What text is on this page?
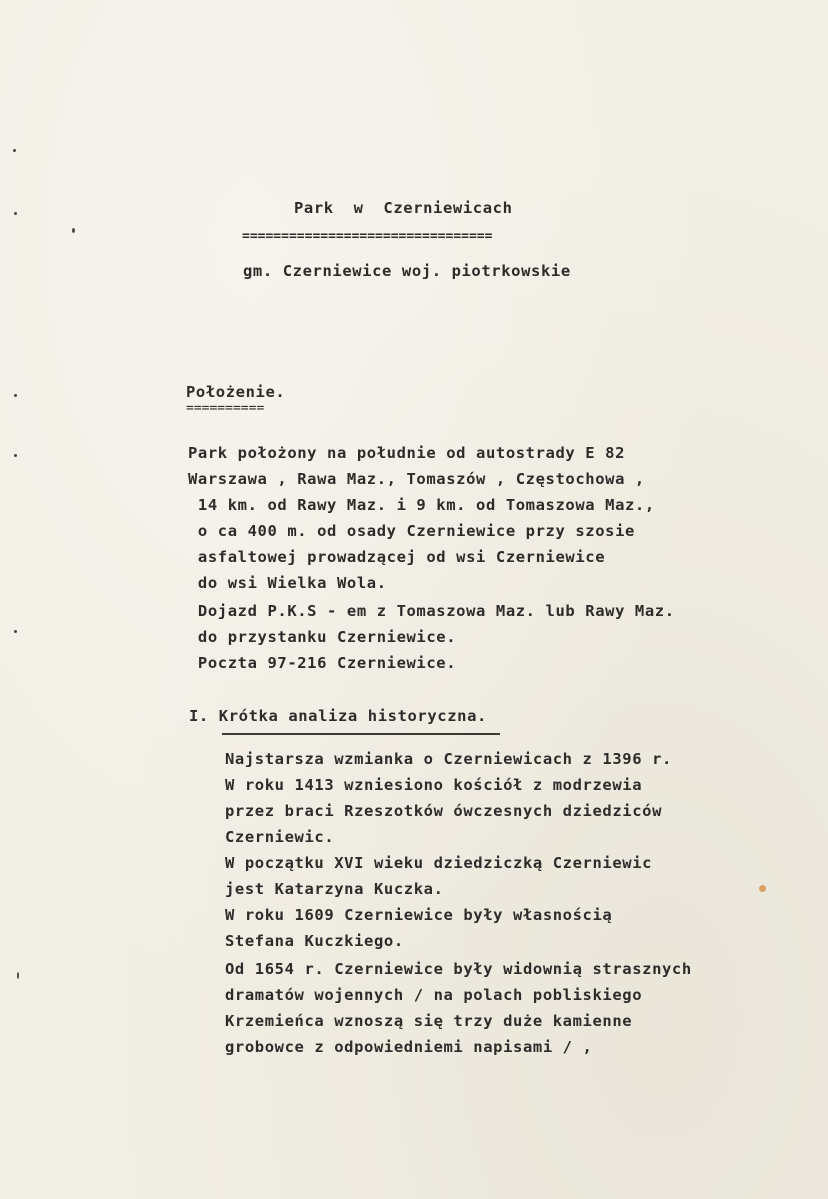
Park  w  Czerniewicach
================================
gm. Czerniewice woj. piotrkowskie
Położenie.
==========
Park położony na południe od autostrady E 82
Warszawa , Rawa Maz., Tomaszów , Częstochowa ,
14 km. od Rawy Maz. i 9 km. od Tomaszowa Maz.,
o ca 400 m. od osady Czerniewice przy szosie
asfaltowej prowadzącej od wsi Czerniewice
do wsi Wielka Wola.
Dojazd P.K.S - em z Tomaszowa Maz. lub Rawy Maz.
do przystanku Czerniewice.
Poczta 97-216 Czerniewice.
I. Krótka analiza historyczna.
Najstarsza wzmianka o Czerniewicach z 1396 r.
W roku 1413 wzniesiono kościół z modrzewia
przez braci Rzeszotków ówczesnych dziedziców
Czerniewic.
W początku XVI wieku dziedziczką Czerniewic
jest Katarzyna Kuczka.
W roku 1609 Czerniewice były własnością
Stefana Kuczkiego.
Od 1654 r. Czerniewice były widownią strasznych
dramatów wojennych / na polach pobliskiego
Krzemieńca wznoszą się trzy duże kamienne
grobowce z odpowiedniemi napisami / ,
